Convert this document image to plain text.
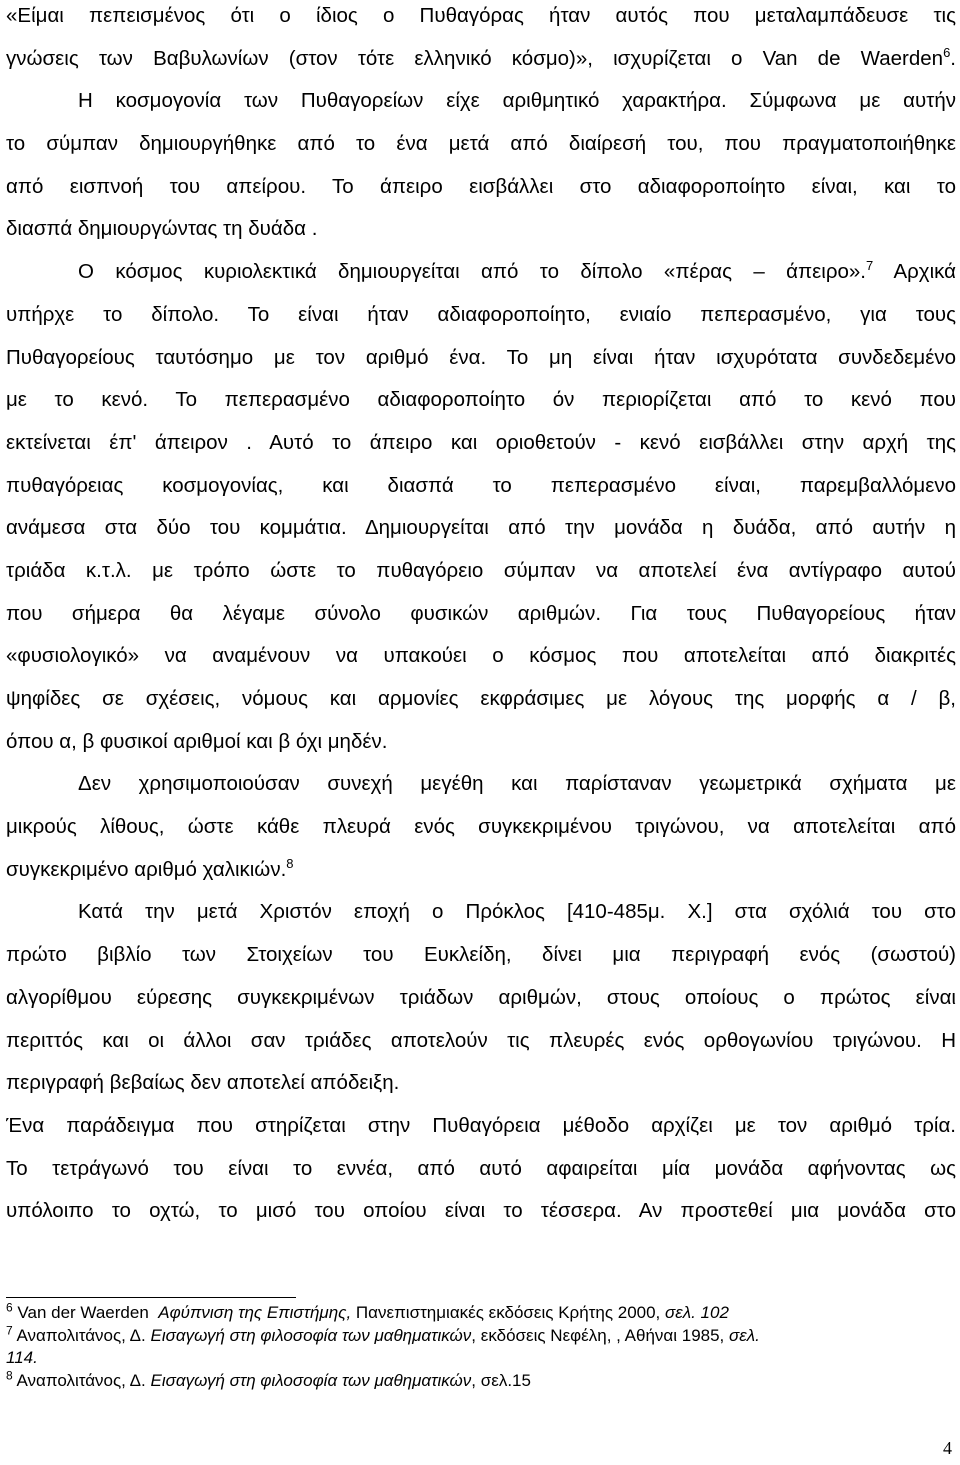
«Είμαι πεπεισμένος ότι ο ίδιος ο Πυθαγόρας ήταν αυτός που μεταλαμπάδευσε τις
γνώσεις των Βαβυλωνίων (στον τότε ελληνικό κόσμο)», ισχυρίζεται ο Van de Waerden$^6$.
Η κοσμογονία των Πυθαγορείων είχε αριθμητικό χαρακτήρα. Σύμφωνα με αυτήν
το σύμπαν δημιουργήθηκε από το ένα μετά από διαίρεσή του, που πραγματοποιήθηκε
από εισπνοή του απείρου. Το άπειρο εισβάλλει στο αδιαφοροποίητο είναι, και το
διασπά δημιουργώντας τη δυάδα .
Ο κόσμος κυριολεκτικά δημιουργείται από το δίπολο «πέρας – άπειρο».$^7$ Αρχικά
υπήρχε το δίπολο. Το είναι ήταν αδιαφοροποίητο, ενιαίο πεπερασμένο, για τους
Πυθαγορείους ταυτόσημο με τον αριθμό ένα. Το μη είναι ήταν ισχυρότατα συνδεδεμένο
με το κενό. Το πεπερασμένο αδιαφοροποίητο όν περιορίζεται από το κενό που
εκτείνεται έπ' άπειρον . Αυτό το άπειρο και οριοθετούν - κενό εισβάλλει στην αρχή της
πυθαγόρειας κοσμογονίας, και διασπά το πεπερασμένο είναι, παρεμβαλλόμενο
ανάμεσα στα δύο του κομμάτια. Δημιουργείται από την μονάδα η δυάδα, από αυτήν η
τριάδα κ.τ.λ. με τρόπο ώστε το πυθαγόρειο σύμπαν να αποτελεί ένα αντίγραφο αυτού
που σήμερα θα λέγαμε σύνολο φυσικών αριθμών. Για τους Πυθαγορείους ήταν
«φυσιολογικό» να αναμένουν να υπακούει ο κόσμος που αποτελείται από διακριτές
ψηφίδες σε σχέσεις, νόμους και αρμονίες εκφράσιμες με λόγους της μορφής α / β,
όπου α, β φυσικοί αριθμοί και β όχι μηδέν.
Δεν χρησιμοποιούσαν συνεχή μεγέθη και παρίσταναν γεωμετρικά σχήματα με
μικρούς λίθους, ώστε κάθε πλευρά ενός συγκεκριμένου τριγώνου, να αποτελείται από
συγκεκριμένο αριθμό χαλικιών.$^8$
Κατά την μετά Χριστόν εποχή ο Πρόκλος [410-485μ. Χ.] στα σχόλιά του στο
πρώτο βιβλίο των Στοιχείων του Ευκλείδη, δίνει μια περιγραφή ενός (σωστού)
αλγορίθμου εύρεσης συγκεκριμένων τριάδων αριθμών, στους οποίους ο πρώτος είναι
περιττός και οι άλλοι σαν τριάδες αποτελούν τις πλευρές ενός ορθογωνίου τριγώνου. Η
περιγραφή βεβαίως δεν αποτελεί απόδειξη.
Ένα παράδειγμα που στηρίζεται στην Πυθαγόρεια μέθοδο αρχίζει με τον αριθμό τρία.
Το τετράγωνό του είναι το εννέα, από αυτό αφαιρείται μία μονάδα αφήνοντας ως
υπόλοιπο το οχτώ, το μισό του οποίου είναι το τέσσερα. Αν προστεθεί μια μονάδα στο
$^6$ Van der Waerden  Αφύπνιση της Επιστήμης, Πανεπιστημιακές εκδόσεις Κρήτης 2000, σελ. 102
$^7$ Αναπολιτάνος, Δ. Εισαγωγή στη φιλοσοφία των μαθηματικών, εκδόσεις Νεφέλη, , Αθήναι 1985, σελ.
114.
$^8$ Αναπολιτάνος, Δ. Εισαγωγή στη φιλοσοφία των μαθηματικών, σελ.15
4
